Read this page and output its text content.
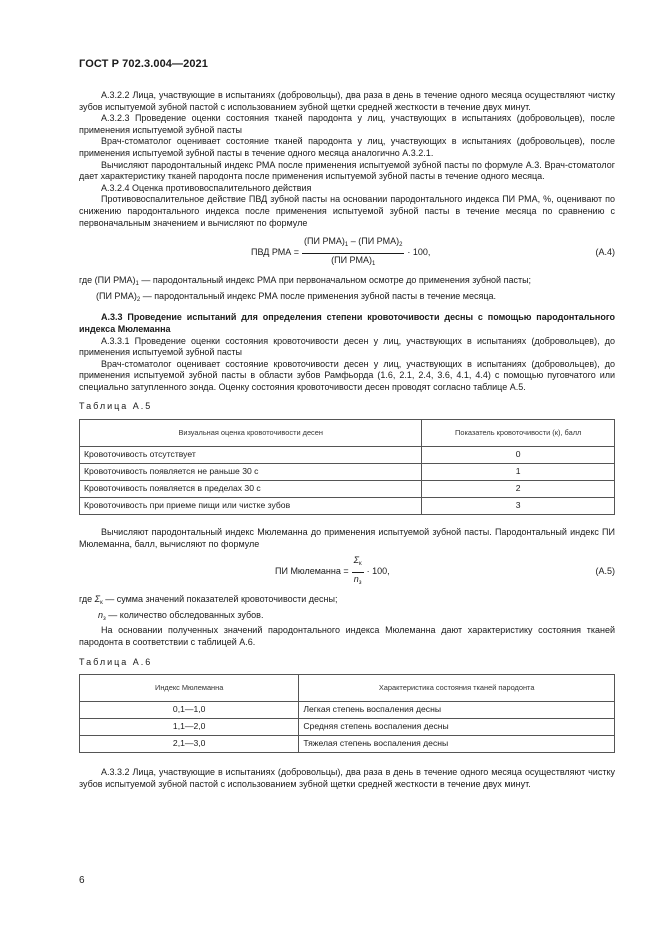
ГОСТ Р 702.3.004—2021

А.3.2.2 Лица, участвующие в испытаниях (добровольцы), два раза в день в течение одного месяца осуществляют чистку зубов испытуемой зубной пастой с использованием зубной щетки средней жесткости в течение двух минут.

А.3.2.3 Проведение оценки состояния тканей пародонта у лиц, участвующих в испытаниях (добровольцев), после применения испытуемой зубной пасты

Врач-стоматолог оценивает состояние тканей пародонта у лиц, участвующих в испытаниях (добровольцев), после применения испытуемой зубной пасты в течение одного месяца аналогично А.3.2.1.

Вычисляют пародонтальный индекс РМА после применения испытуемой зубной пасты по формуле А.3. Врач-стоматолог дает характеристику тканей пародонта после применения испытуемой зубной пасты в течение одного месяца.

А.3.2.4 Оценка противовоспалительного действия

Противовоспалительное действие ПВД зубной пасты на основании пародонтального индекса ПИ РМА, %, оценивают по снижению пародонтального индекса после применения испытуемой зубной пасты в течение месяца по сравнению с первоначальным значением и вычисляют по формуле

ПВД РМА = $\frac{(ПИ РМА)_1 - (ПИ РМА)_2}{(ПИ РМА)_1} \cdot 100$,	(А.4)

где (ПИ $РМА)_1$ — пародонтальный индекс РМА при первоначальном осмотре до применения зубной пасты;

(ПИ $РМА)_2$ — пародонтальный индекс РМА после применения зубной пасты в течение месяца.

А.3.3 Проведение испытаний для определения степени кровоточивости десны с помощью пародонтального индекса Мюлеманна

А.3.3.1 Проведение оценки состояния кровоточивости десен у лиц, участвующих в испытаниях (добровольцев), до применения испытуемой зубной пасты

Врач-стоматолог оценивает состояние кровоточивости десен у лиц, участвующих в испытаниях (добровольцев), до применения испытуемой зубной пасты в области зубов Рамфьорда (1.6, 2.1, 2.4, 3.6, 4.1, 4.4) с помощью пуговчатого или специально затупленного зонда. Оценку состояния кровоточивости десен проводят согласно таблице А.5.

Таблица А.5
Визуальная оценка кровоточивости десен	Показатель кровоточивости (к), балл
Кровоточивость отсутствует	0
Кровоточивость появляется не раньше 30 с	1
Кровоточивость появляется в пределах 30 с	2
Кровоточивость при приеме пищи или чистке зубов	3

Вычисляют пародонтальный индекс Мюлеманна до применения испытуемой зубной пасты. Пародонтальный индекс ПИ Мюлеманна, балл, вычисляют по формуле

ПИ Мюлеманна = $\frac{\Sigma_к}{n_з} \cdot 100$,	(А.5)

где $\Sigma_к$ — сумма значений показателей кровоточивости десны;

$n_з$ — количество обследованных зубов.

На основании полученных значений пародонтального индекса Мюлеманна дают характеристику состояния тканей пародонта в соответствии с таблицей А.6.

Таблица А.6
Индекс Мюлеманна	Характеристика состояния тканей пародонта
0,1—1,0	Легкая степень воспаления десны
1,1—2,0	Средняя степень воспаления десны
2,1—3,0	Тяжелая степень воспаления десны

А.3.3.2 Лица, участвующие в испытаниях (добровольцы), два раза в день в течение одного месяца осуществляют чистку зубов испытуемой зубной пастой с использованием зубной щетки средней жесткости в течение двух минут.

6
